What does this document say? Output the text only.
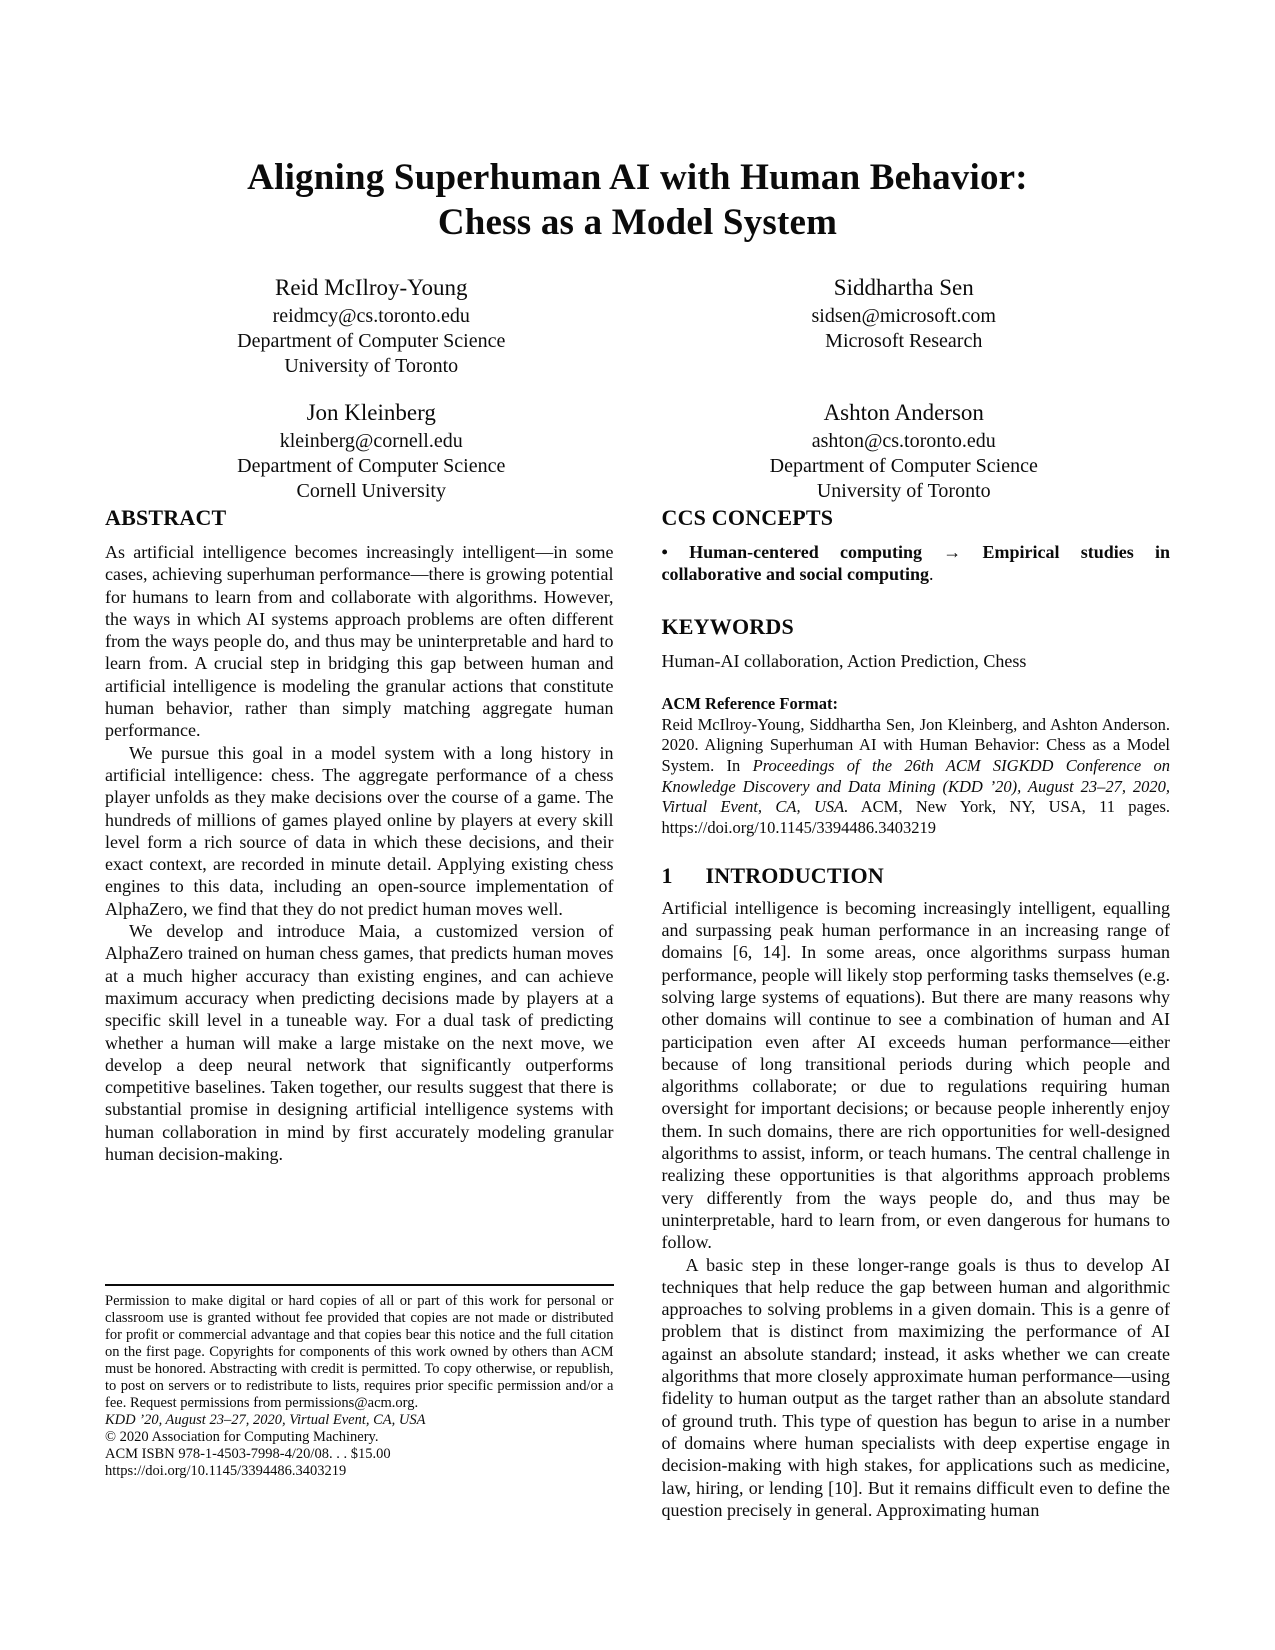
Aligning Superhuman AI with Human Behavior:
Chess as a Model System
Reid McIlroy-Young
reidmcy@cs.toronto.edu
Department of Computer Science
University of Toronto
Siddhartha Sen
sidsen@microsoft.com
Microsoft Research
Jon Kleinberg
kleinberg@cornell.edu
Department of Computer Science
Cornell University
Ashton Anderson
ashton@cs.toronto.edu
Department of Computer Science
University of Toronto
ABSTRACT

As artificial intelligence becomes increasingly intelligent—in some cases, achieving superhuman performance—there is growing potential for humans to learn from and collaborate with algorithms. However, the ways in which AI systems approach problems are often different from the ways people do, and thus may be uninterpretable and hard to learn from. A crucial step in bridging this gap between human and artificial intelligence is modeling the granular actions that constitute human behavior, rather than simply matching aggregate human performance.

We pursue this goal in a model system with a long history in artificial intelligence: chess. The aggregate performance of a chess player unfolds as they make decisions over the course of a game. The hundreds of millions of games played online by players at every skill level form a rich source of data in which these decisions, and their exact context, are recorded in minute detail. Applying existing chess engines to this data, including an open-source implementation of AlphaZero, we find that they do not predict human moves well.

We develop and introduce Maia, a customized version of AlphaZero trained on human chess games, that predicts human moves at a much higher accuracy than existing engines, and can achieve maximum accuracy when predicting decisions made by players at a specific skill level in a tuneable way. For a dual task of predicting whether a human will make a large mistake on the next move, we develop a deep neural network that significantly outperforms competitive baselines. Taken together, our results suggest that there is substantial promise in designing artificial intelligence systems with human collaboration in mind by first accurately modeling granular human decision-making.

Permission to make digital or hard copies of all or part of this work for personal or classroom use is granted without fee provided that copies are not made or distributed for profit or commercial advantage and that copies bear this notice and the full citation on the first page. Copyrights for components of this work owned by others than ACM must be honored. Abstracting with credit is permitted. To copy otherwise, or republish, to post on servers or to redistribute to lists, requires prior specific permission and/or a fee. Request permissions from permissions@acm.org.

KDD ’20, August 23–27, 2020, Virtual Event, CA, USA

© 2020 Association for Computing Machinery.

ACM ISBN 978-1-4503-7998-4/20/08. . . $15.00

https://doi.org/10.1145/3394486.3403219

CCS CONCEPTS

• Human-centered computing → Empirical studies in collaborative and social computing.

KEYWORDS

Human-AI collaboration, Action Prediction, Chess

ACM Reference Format:

Reid McIlroy-Young, Siddhartha Sen, Jon Kleinberg, and Ashton Anderson. 2020. Aligning Superhuman AI with Human Behavior: Chess as a Model System. In Proceedings of the 26th ACM SIGKDD Conference on Knowledge Discovery and Data Mining (KDD ’20), August 23–27, 2020, Virtual Event, CA, USA. ACM, New York, NY, USA, 11 pages. https://doi.org/10.1145/3394486.3403219

1 INTRODUCTION

Artificial intelligence is becoming increasingly intelligent, equalling and surpassing peak human performance in an increasing range of domains [6, 14]. In some areas, once algorithms surpass human performance, people will likely stop performing tasks themselves (e.g. solving large systems of equations). But there are many reasons why other domains will continue to see a combination of human and AI participation even after AI exceeds human performance—either because of long transitional periods during which people and algorithms collaborate; or due to regulations requiring human oversight for important decisions; or because people inherently enjoy them. In such domains, there are rich opportunities for well-designed algorithms to assist, inform, or teach humans. The central challenge in realizing these opportunities is that algorithms approach problems very differently from the ways people do, and thus may be uninterpretable, hard to learn from, or even dangerous for humans to follow.

A basic step in these longer-range goals is thus to develop AI techniques that help reduce the gap between human and algorithmic approaches to solving problems in a given domain. This is a genre of problem that is distinct from maximizing the performance of AI against an absolute standard; instead, it asks whether we can create algorithms that more closely approximate human performance—using fidelity to human output as the target rather than an absolute standard of ground truth. This type of question has begun to arise in a number of domains where human specialists with deep expertise engage in decision-making with high stakes, for applications such as medicine, law, hiring, or lending [10]. But it remains difficult even to define the question precisely in general. Approximating human
